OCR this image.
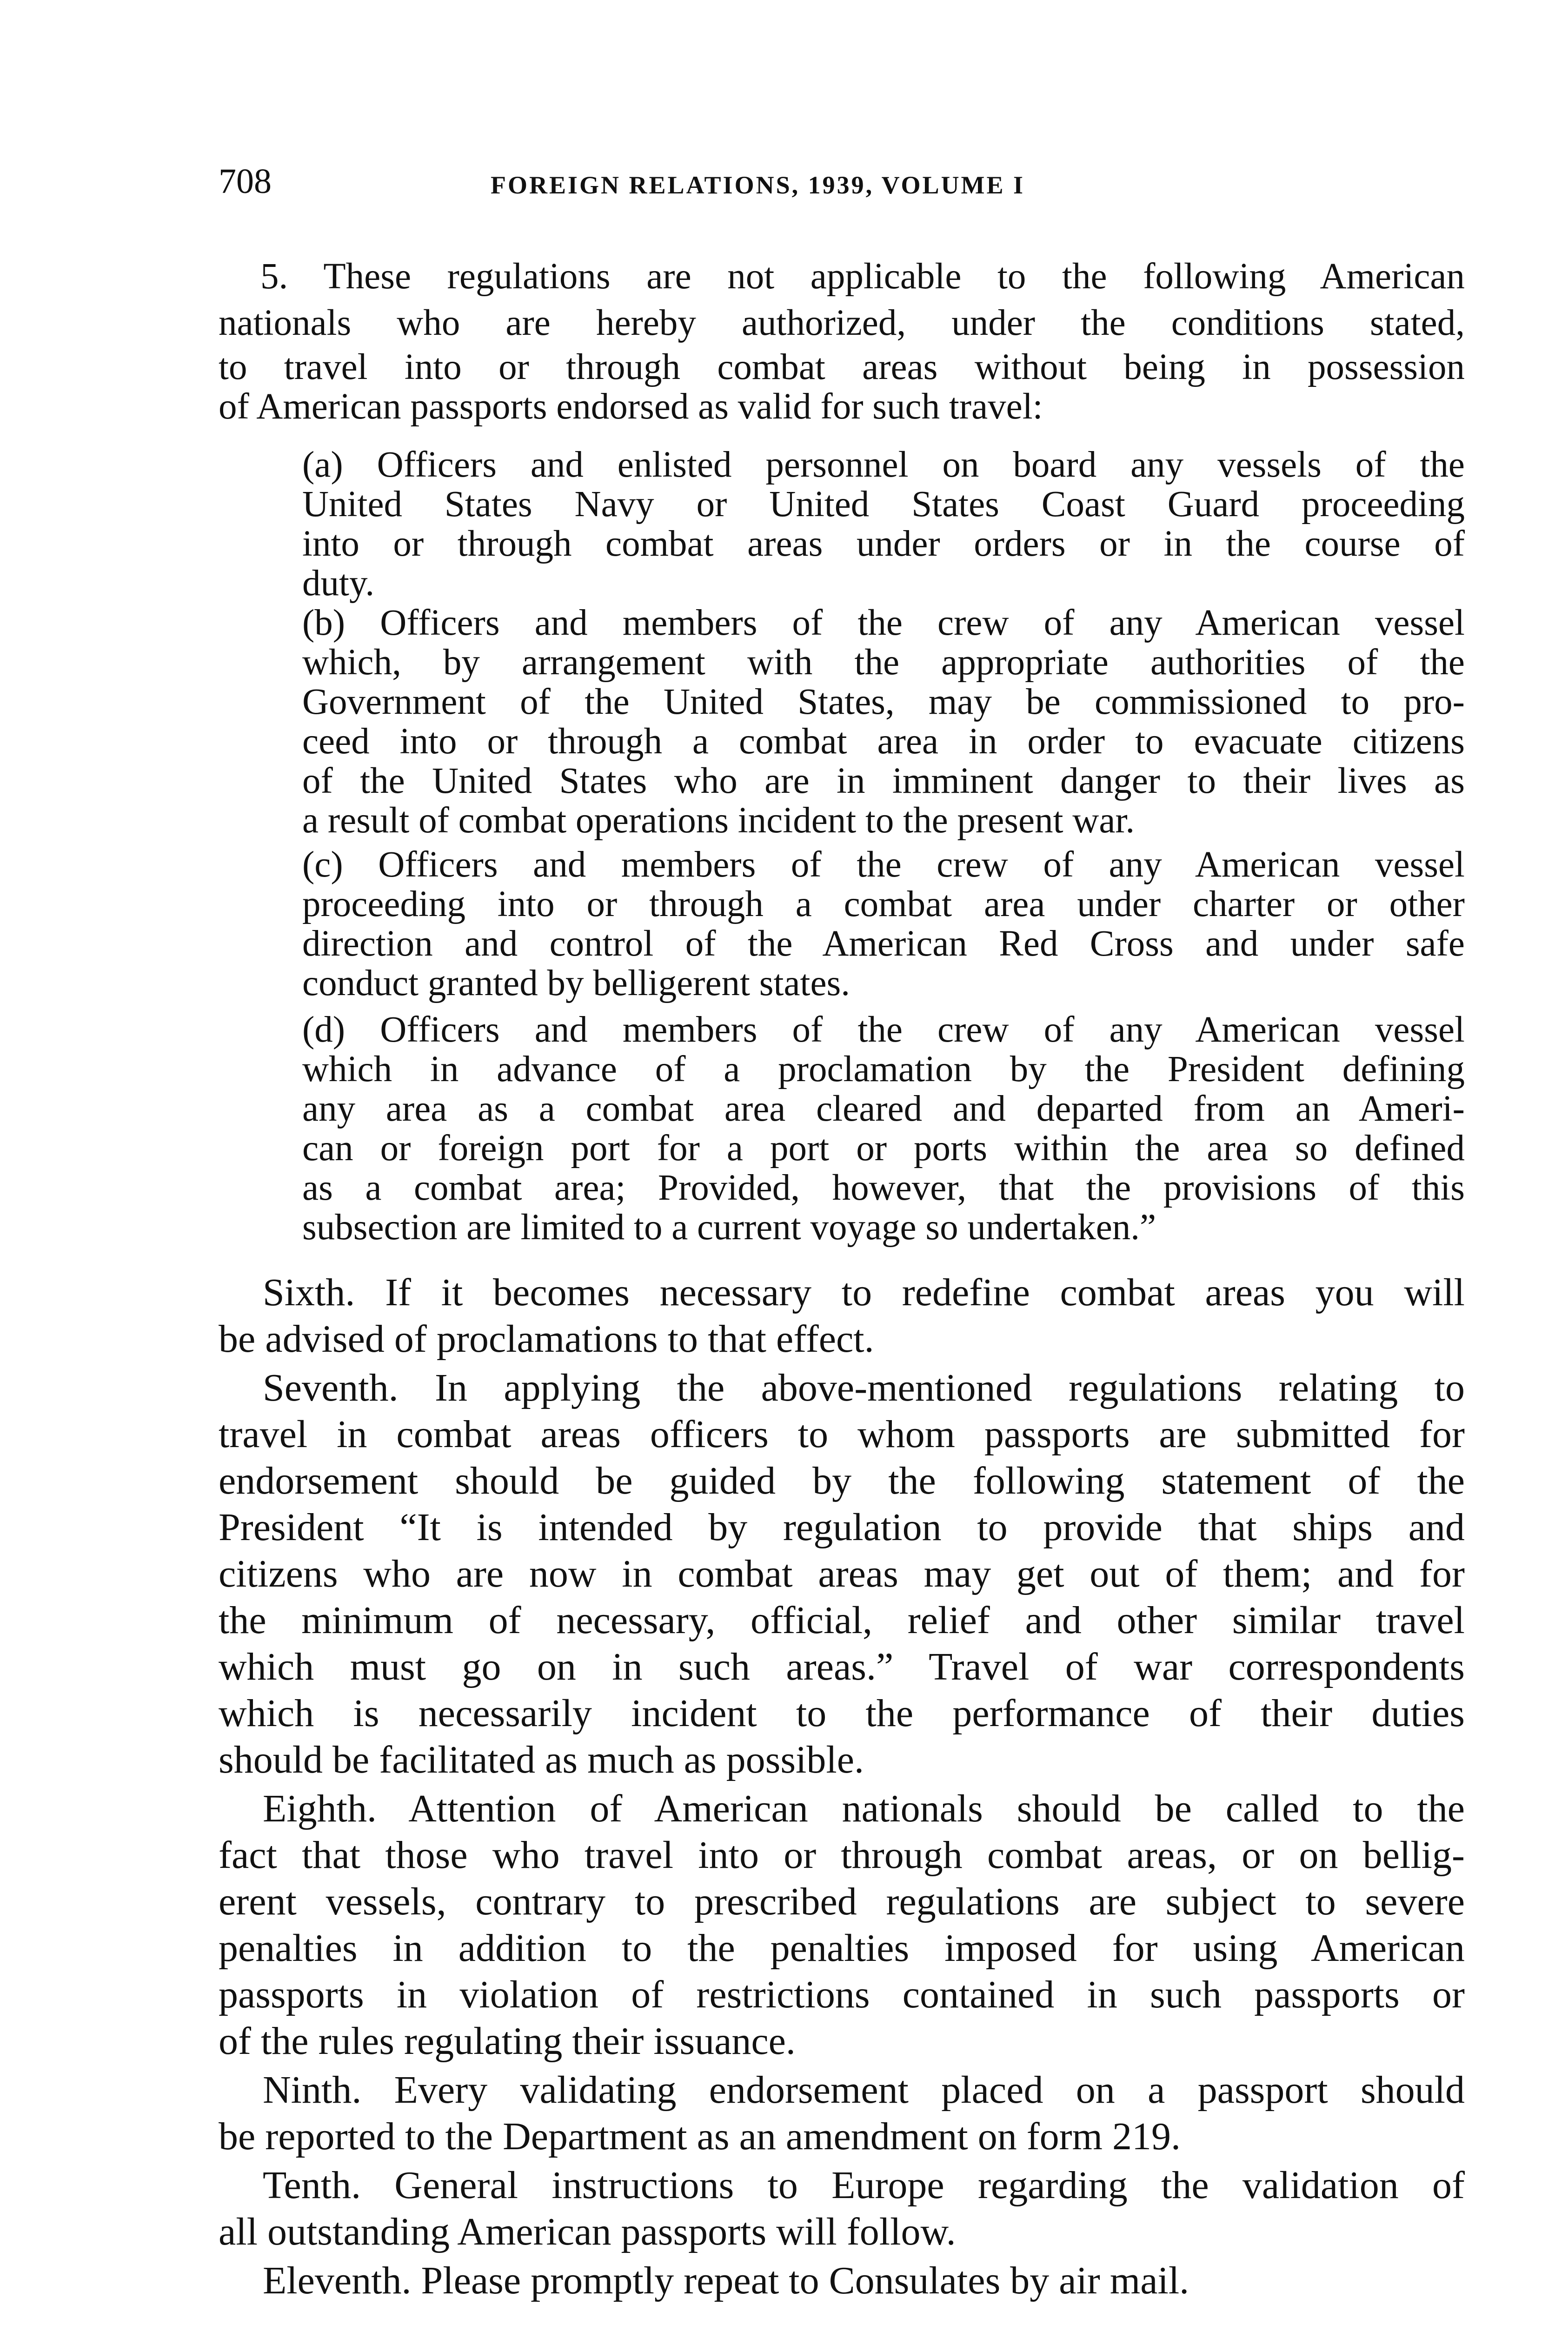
708	FOREIGN RELATIONS, 1939, VOLUME I
5. These regulations are not applicable to the following American
nationals who are hereby authorized, under the conditions stated,
to travel into or through combat areas without being in possession
of American passports endorsed as valid for such travel:
(a) Officers and enlisted personnel on board any vessels of the
United States Navy or United States Coast Guard proceeding
into or through combat areas under orders or in the course of
duty.
(b) Officers and members of the crew of any American vessel
which, by arrangement with the appropriate authorities of the
Government of the United States, may be commissioned to pro-
ceed into or through a combat area in order to evacuate citizens
of the United States who are in imminent danger to their lives as
a result of combat operations incident to the present war.
(c) Officers and members of the crew of any American vessel
proceeding into or through a combat area under charter or other
direction and control of the American Red Cross and under safe
conduct granted by belligerent states.
(d) Officers and members of the crew of any American vessel
which in advance of a proclamation by the President defining
any area as a combat area cleared and departed from an Ameri-
can or foreign port for a port or ports within the area so defined
as a combat area; Provided, however, that the provisions of this
subsection are limited to a current voyage so undertaken.”
Sixth. If it becomes necessary to redefine combat areas you will
be advised of proclamations to that effect.
Seventh. In applying the above-mentioned regulations relating to
travel in combat areas officers to whom passports are submitted for
endorsement should be guided by the following statement of the
President “It is intended by regulation to provide that ships and
citizens who are now in combat areas may get out of them; and for
the minimum of necessary, official, relief and other similar travel
which must go on in such areas.” Travel of war correspondents
which is necessarily incident to the performance of their duties
should be facilitated as much as possible.
Eighth. Attention of American nationals should be called to the
fact that those who travel into or through combat areas, or on bellig-
erent vessels, contrary to prescribed regulations are subject to severe
penalties in addition to the penalties imposed for using American
passports in violation of restrictions contained in such passports or
of the rules regulating their issuance.
Ninth. Every validating endorsement placed on a passport should
be reported to the Department as an amendment on form 219.
Tenth. General instructions to Europe regarding the validation of
all outstanding American passports will follow.
Eleventh. Please promptly repeat to Consulates by air mail.
